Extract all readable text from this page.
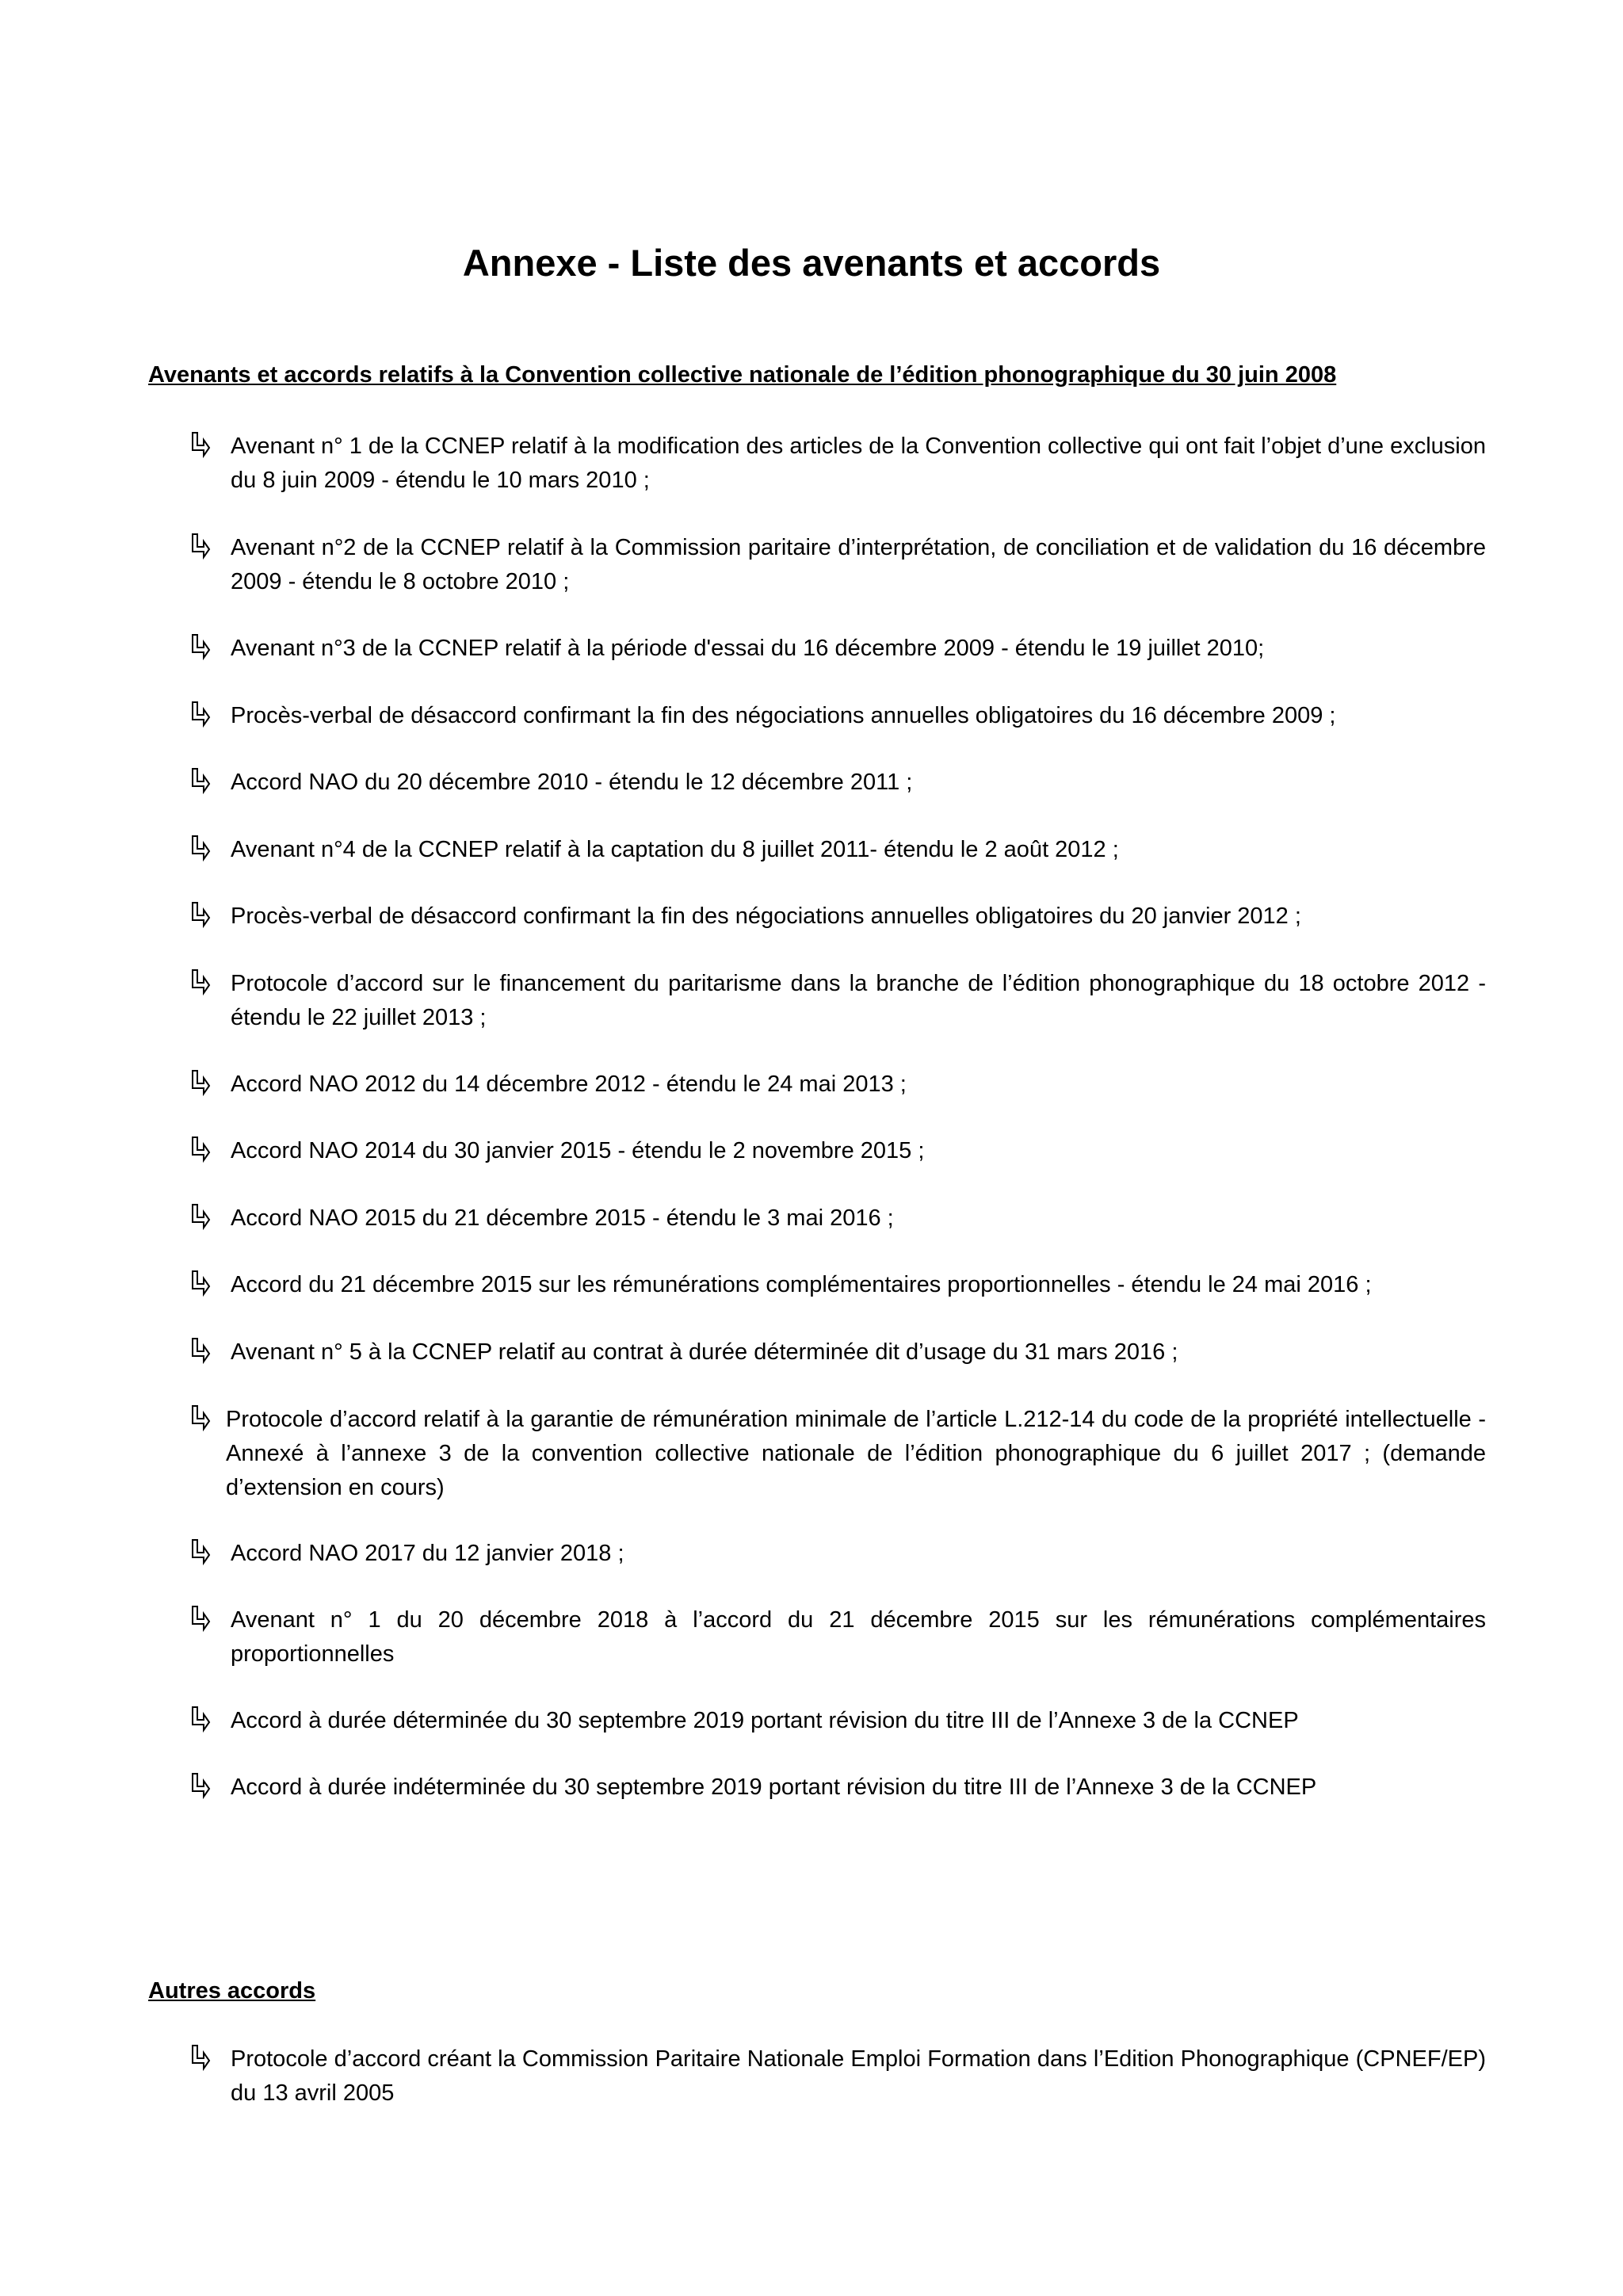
Annexe - Liste des avenants et accords
Avenants et accords relatifs à la Convention collective nationale de l’édition phonographique du 30 juin 2008
Avenant n° 1 de la CCNEP relatif à la modification des articles de la Convention collective qui ont fait l’objet d’une exclusion du 8 juin 2009 - étendu le 10 mars 2010 ;
Avenant n°2 de la CCNEP relatif à la Commission paritaire d’interprétation, de conciliation et de validation du 16 décembre 2009 - étendu le 8 octobre 2010 ;
Avenant n°3 de la CCNEP relatif à la période d'essai du 16 décembre 2009 - étendu le 19 juillet 2010;
Procès-verbal de désaccord confirmant la fin des négociations annuelles obligatoires du 16 décembre 2009 ;
Accord NAO du 20 décembre 2010 - étendu le 12 décembre 2011 ;
Avenant n°4 de la CCNEP relatif à la captation du 8 juillet 2011- étendu le 2 août 2012 ;
Procès-verbal de désaccord confirmant la fin des négociations annuelles obligatoires du 20 janvier 2012 ;
Protocole d’accord sur le financement du paritarisme dans la branche de l’édition phonographique du 18 octobre 2012 - étendu le 22 juillet 2013 ;
Accord NAO 2012 du 14 décembre 2012 - étendu le 24 mai 2013 ;
Accord NAO 2014 du 30 janvier 2015 - étendu le 2 novembre 2015 ;
Accord NAO 2015 du 21 décembre 2015 - étendu le 3 mai 2016 ;
Accord du 21 décembre 2015 sur les rémunérations complémentaires proportionnelles - étendu le 24 mai 2016 ;
Avenant n° 5 à la CCNEP relatif au contrat à durée déterminée dit d’usage du 31 mars 2016 ;
Protocole d’accord relatif à la garantie de rémunération minimale de l’article L.212-14 du code de la propriété intellectuelle - Annexé à l’annexe 3 de la convention collective nationale de l’édition phonographique du 6 juillet 2017 ; (demande d’extension en cours)
Accord NAO 2017 du 12 janvier 2018 ;
Avenant n° 1 du 20 décembre 2018 à l’accord du 21 décembre 2015 sur les rémunérations complémentaires proportionnelles
Accord à durée déterminée du 30 septembre 2019 portant révision du titre III de l’Annexe 3 de la CCNEP
Accord à durée indéterminée du 30 septembre 2019 portant révision du titre III de l’Annexe 3 de la CCNEP
Autres accords
Protocole d’accord créant la Commission Paritaire Nationale Emploi Formation dans l’Edition Phonographique (CPNEF/EP) du 13 avril 2005
